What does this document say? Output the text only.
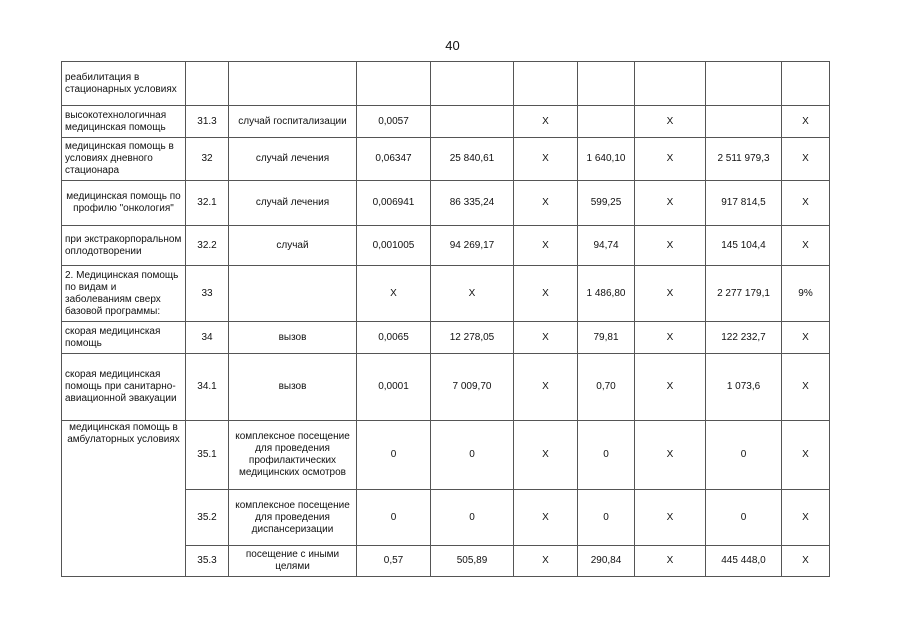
40
реабилитация в стационарных условиях									
высокотехнологичная медицинская помощь	31.3	случай госпитализации	0,0057		X		X		X
медицинская помощь в условиях дневного стационара	32	случай лечения	0,06347	25 840,61	X	1 640,10	X	2 511 979,3	X
медицинская помощь по профилю "онкология"	32.1	случай лечения	0,006941	86 335,24	X	599,25	X	917 814,5	X
при экстракорпоральном оплодотворении	32.2	случай	0,001005	94 269,17	X	94,74	X	145 104,4	X
2. Медицинская помощь по видам и заболеваниям сверх базовой программы:	33		X	X	X	1 486,80	X	2 277 179,1	9%
скорая медицинская помощь	34	вызов	0,0065	12 278,05	X	79,81	X	122 232,7	X
скорая медицинская помощь при санитарно-авиационной эвакуации	34.1	вызов	0,0001	7 009,70	X	0,70	X	1 073,6	X
медицинская помощь в амбулаторных условиях	35.1	комплексное посещение для проведения профилактических медицинских осмотров	0	0	X	0	X	0	X
	35.2	комплексное посещение для проведения диспансеризации	0	0	X	0	X	0	X
	35.3	посещение с иными целями	0,57	505,89	X	290,84	X	445 448,0	X
